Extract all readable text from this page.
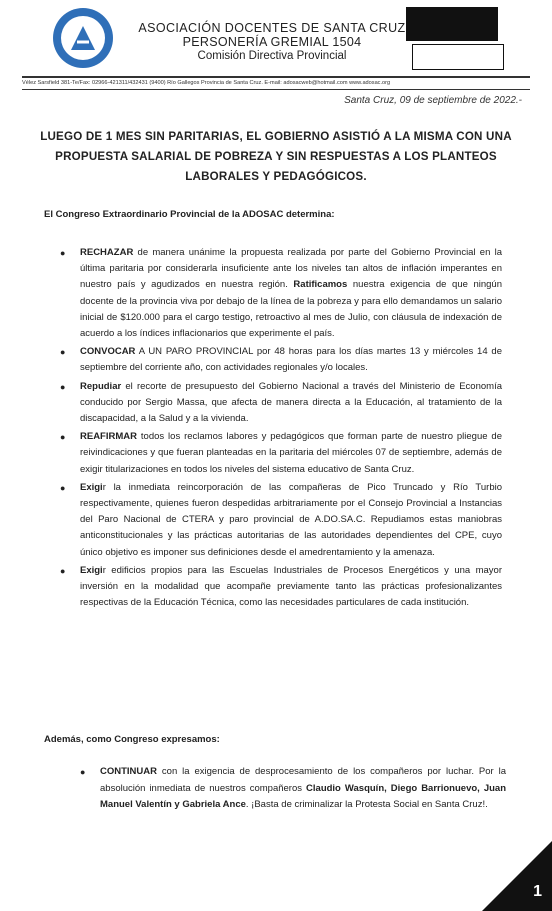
ASOCIACIÓN DOCENTES DE SANTA CRUZ
PERSONERÍA GREMIAL 1504
Comisión Directiva Provincial
Vélez Sarsfield 381-Te/Fax: 02966-421311/432431 (9400) Río Gallegos Provincia de Santa Cruz. E-mail: adosacweb@hotmail.com www.adosac.org
Santa Cruz, 09 de septiembre de 2022.-
LUEGO DE 1 MES SIN PARITARIAS, EL GOBIERNO ASISTIÓ A LA MISMA CON UNA PROPUESTA SALARIAL DE POBREZA Y SIN RESPUESTAS A LOS PLANTEOS LABORALES Y PEDAGÓGICOS.
El Congreso Extraordinario Provincial de la ADOSAC determina:
● RECHAZAR de manera unánime la propuesta realizada por parte del Gobierno Provincial en la última paritaria por considerarla insuficiente ante los niveles tan altos de inflación imperantes en nuestro país y agudizados en nuestra región. Ratificamos nuestra exigencia de que ningún docente de la provincia viva por debajo de la línea de la pobreza y para ello demandamos un salario inicial de $120.000 para el cargo testigo, retroactivo al mes de Julio, con cláusula de indexación de acuerdo a los índices inflacionarios que experimente el país.
● CONVOCAR A UN PARO PROVINCIAL por 48 horas para los días martes 13 y miércoles 14 de septiembre del corriente año, con actividades regionales y/o locales.
● Repudiar el recorte de presupuesto del Gobierno Nacional a través del Ministerio de Economía conducido por Sergio Massa, que afecta de manera directa a la Educación, al tratamiento de la discapacidad, a la Salud y a la vivienda.
● REAFIRMAR todos los reclamos labores y pedagógicos que forman parte de nuestro pliegue de reivindicaciones y que fueran planteadas en la paritaria del miércoles 07 de septiembre, además de exigir titularizaciones en todos los niveles del sistema educativo de Santa Cruz.
● Exigir la inmediata reincorporación de las compañeras de Pico Truncado y Río Turbio respectivamente, quienes fueron despedidas arbitrariamente por el Consejo Provincial a Instancias del Paro Nacional de CTERA y paro provincial de A.DO.SA.C. Repudiamos estas maniobras anticonstitucionales y las prácticas autoritarias de las autoridades dependientes del CPE, cuyo único objetivo es imponer sus definiciones desde el amedrentamiento y la amenaza.
● Exigir edificios propios para las Escuelas Industriales de Procesos Energéticos y una mayor inversión en la modalidad que acompañe previamente tanto las prácticas profesionalizantes respectivas de la Educación Técnica, como las necesidades particulares de cada institución.
Además, como Congreso expresamos:
● CONTINUAR con la exigencia de desprocesamiento de los compañeros por luchar. Por la absolución inmediata de nuestros compañeros Claudio Wasquín, Diego Barrionuevo, Juan Manuel Valentín y Gabriela Ance. ¡Basta de criminalizar la Protesta Social en Santa Cruz!.
1
